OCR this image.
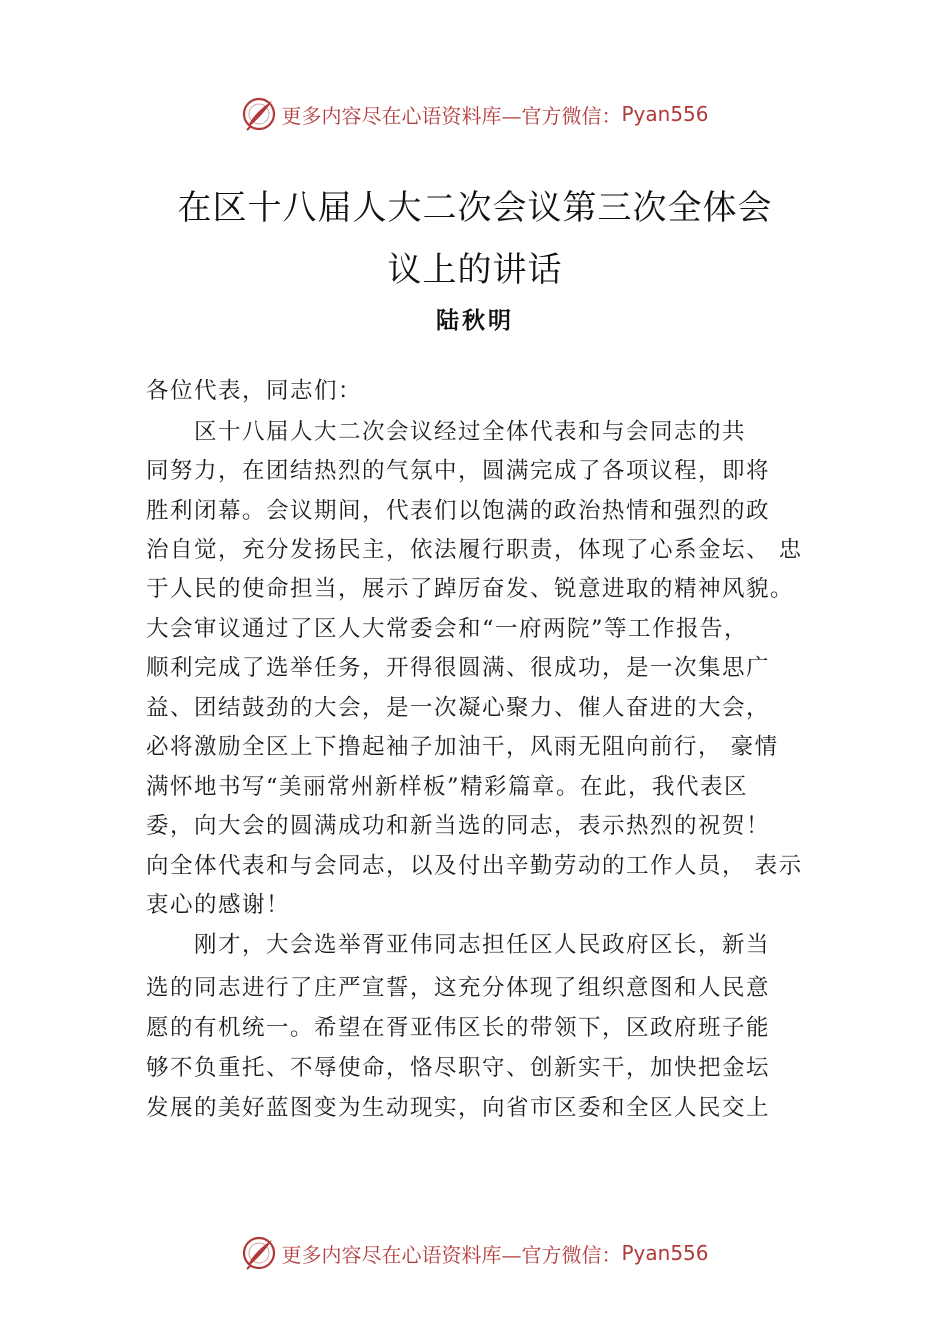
更多内容尽在心语资料库—官方微信： Pyan556
在区十八届人大二次会议第三次全体会
议上的讲话
陆秋明
各位代表，同志们：
　　区十八届人大二次会议经过全体代表和与会同志的共
同努力，在团结热烈的气氛中，圆满完成了各项议程，即将
胜利闭幕。会议期间，代表们以饱满的政治热情和强烈的政
治自觉，充分发扬民主，依法履行职责，体现了心系金坛、 忠
于人民的使命担当，展示了踔厉奋发、锐意进取的精神风貌。
大会审议通过了区人大常委会和“一府两院”等工作报告，
顺利完成了选举任务，开得很圆满、很成功，是一次集思广
益、团结鼓劲的大会，是一次凝心聚力、催人奋进的大会，
必将激励全区上下撸起袖子加油干，风雨无阻向前行， 豪情
满怀地书写“美丽常州新样板”精彩篇章。在此，我代表区
委，向大会的圆满成功和新当选的同志，表示热烈的祝贺！
向全体代表和与会同志，以及付出辛勤劳动的工作人员， 表示
衷心的感谢！
　　刚才，大会选举胥亚伟同志担任区人民政府区长，新当
选的同志进行了庄严宣誓，这充分体现了组织意图和人民意
愿的有机统一。希望在胥亚伟区长的带领下，区政府班子能
够不负重托、不辱使命，恪尽职守、创新实干，加快把金坛
发展的美好蓝图变为生动现实，向省市区委和全区人民交上
更多内容尽在心语资料库—官方微信： Pyan556
